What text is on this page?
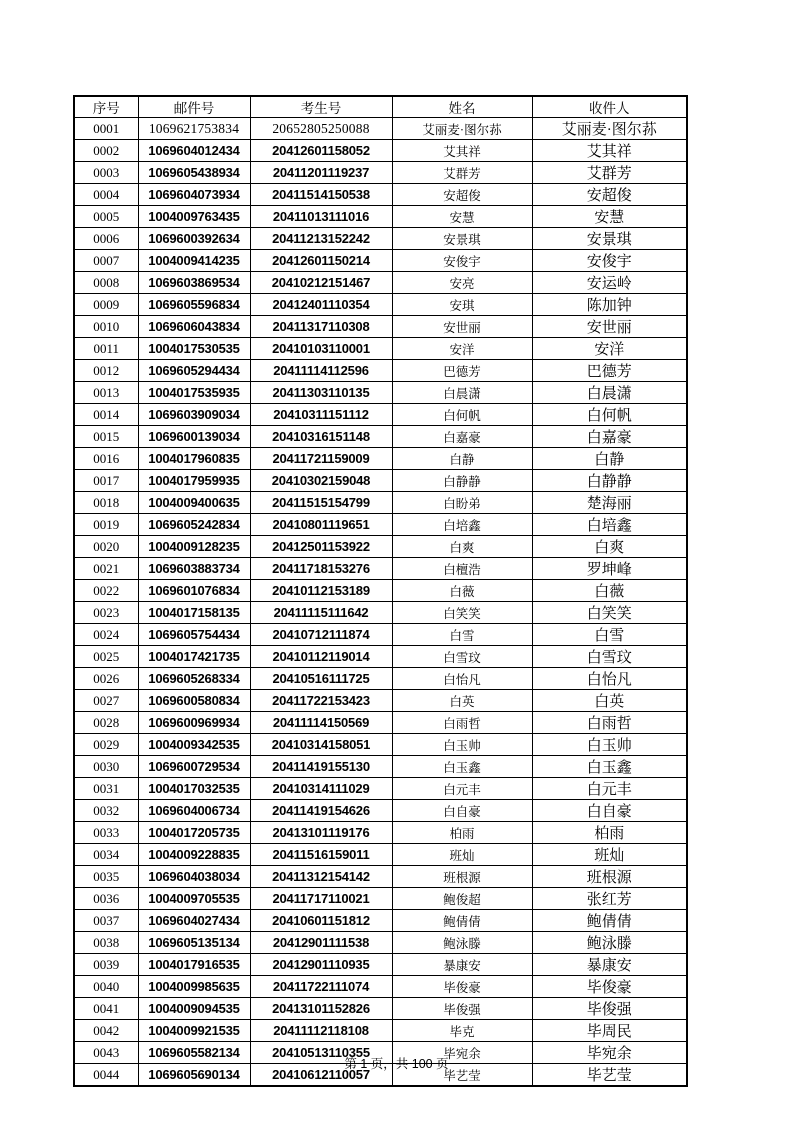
序号	邮件号	考生号	姓名	收件人
0001	1069621753834	20652805250088	艾丽麦·图尔荪	艾丽麦·图尔荪
0002	1069604012434	20412601158052	艾其祥	艾其祥
0003	1069605438934	20411201119237	艾群芳	艾群芳
0004	1069604073934	20411514150538	安超俊	安超俊
0005	1004009763435	20411013111016	安慧	安慧
0006	1069600392634	20411213152242	安景琪	安景琪
0007	1004009414235	20412601150214	安俊宇	安俊宇
0008	1069603869534	20410212151467	安亮	安运岭
0009	1069605596834	20412401110354	安琪	陈加钟
0010	1069606043834	20411317110308	安世丽	安世丽
0011	1004017530535	20410103110001	安洋	安洋
0012	1069605294434	20411114112596	巴德芳	巴德芳
0013	1004017535935	20411303110135	白晨潇	白晨潇
0014	1069603909034	20410311151112	白何帆	白何帆
0015	1069600139034	20410316151148	白嘉豪	白嘉豪
0016	1004017960835	20411721159009	白静	白静
0017	1004017959935	20410302159048	白静静	白静静
0018	1004009400635	20411515154799	白盼弟	楚海丽
0019	1069605242834	20410801119651	白培鑫	白培鑫
0020	1004009128235	20412501153922	白爽	白爽
0021	1069603883734	20411718153276	白檀浩	罗坤峰
0022	1069601076834	20410112153189	白薇	白薇
0023	1004017158135	20411115111642	白笑笑	白笑笑
0024	1069605754434	20410712111874	白雪	白雪
0025	1004017421735	20410112119014	白雪玟	白雪玟
0026	1069605268334	20410516111725	白怡凡	白怡凡
0027	1069600580834	20411722153423	白英	白英
0028	1069600969934	20411114150569	白雨哲	白雨哲
0029	1004009342535	20410314158051	白玉帅	白玉帅
0030	1069600729534	20411419155130	白玉鑫	白玉鑫
0031	1004017032535	20410314111029	白元丰	白元丰
0032	1069604006734	20411419154626	白自豪	白自豪
0033	1004017205735	20413101119176	柏雨	柏雨
0034	1004009228835	20411516159011	班灿	班灿
0035	1069604038034	20411312154142	班根源	班根源
0036	1004009705535	20411717110021	鲍俊超	张红芳
0037	1069604027434	20410601151812	鲍倩倩	鲍倩倩
0038	1069605135134	20412901111538	鲍泳滕	鲍泳滕
0039	1004017916535	20412901110935	暴康安	暴康安
0040	1004009985635	20411722111074	毕俊豪	毕俊豪
0041	1004009094535	20413101152826	毕俊强	毕俊强
0042	1004009921535	20411112118108	毕克	毕周民
0043	1069605582134	20410513110355	毕宛余	毕宛余
0044	1069605690134	20410612110057	毕艺莹	毕艺莹
第 1 页，共 100 页
